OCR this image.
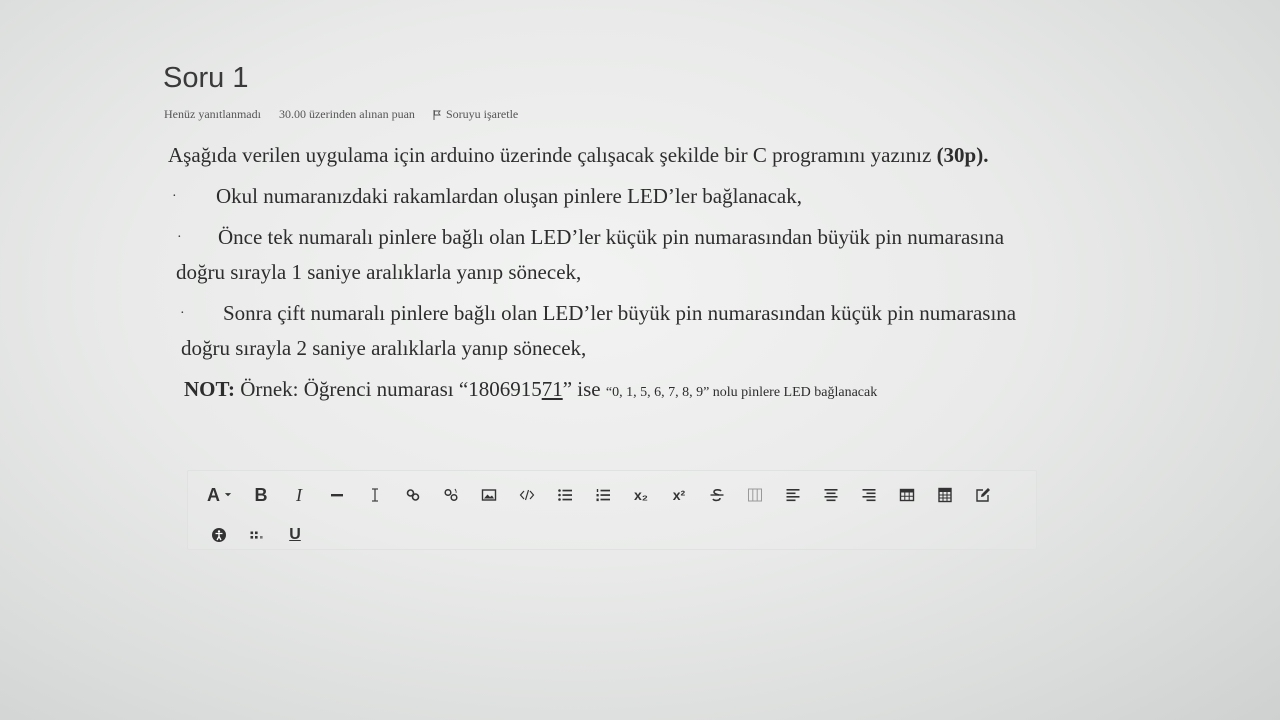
Soru 1
Henüz yanıtlanmadı 30.00 üzerinden alınan puan	Soruyu işaretle

Aşağıda verilen uygulama için arduino üzerinde çalışacak şekilde bir C programını yazınız (30p).

· Okul numaranızdaki rakamlardan oluşan pinlere LED’ler bağlanacak,

· Önce tek numaralı pinlere bağlı olan LED’ler küçük pin numarasından büyük pin numarasına doğru sırayla 1 saniye aralıklarla yanıp sönecek,

· Sonra çift numaralı pinlere bağlı olan LED’ler büyük pin numarasından küçük pin numarasına doğru sırayla 2 saniye aralıklarla yanıp sönecek,

NOT: Örnek: Öğrenci numarası “180691571” ise “0, 1, 5, 6, 7, 8, 9” nolu pinlere LED bağlanacak

A B I	x₂ x²
U
